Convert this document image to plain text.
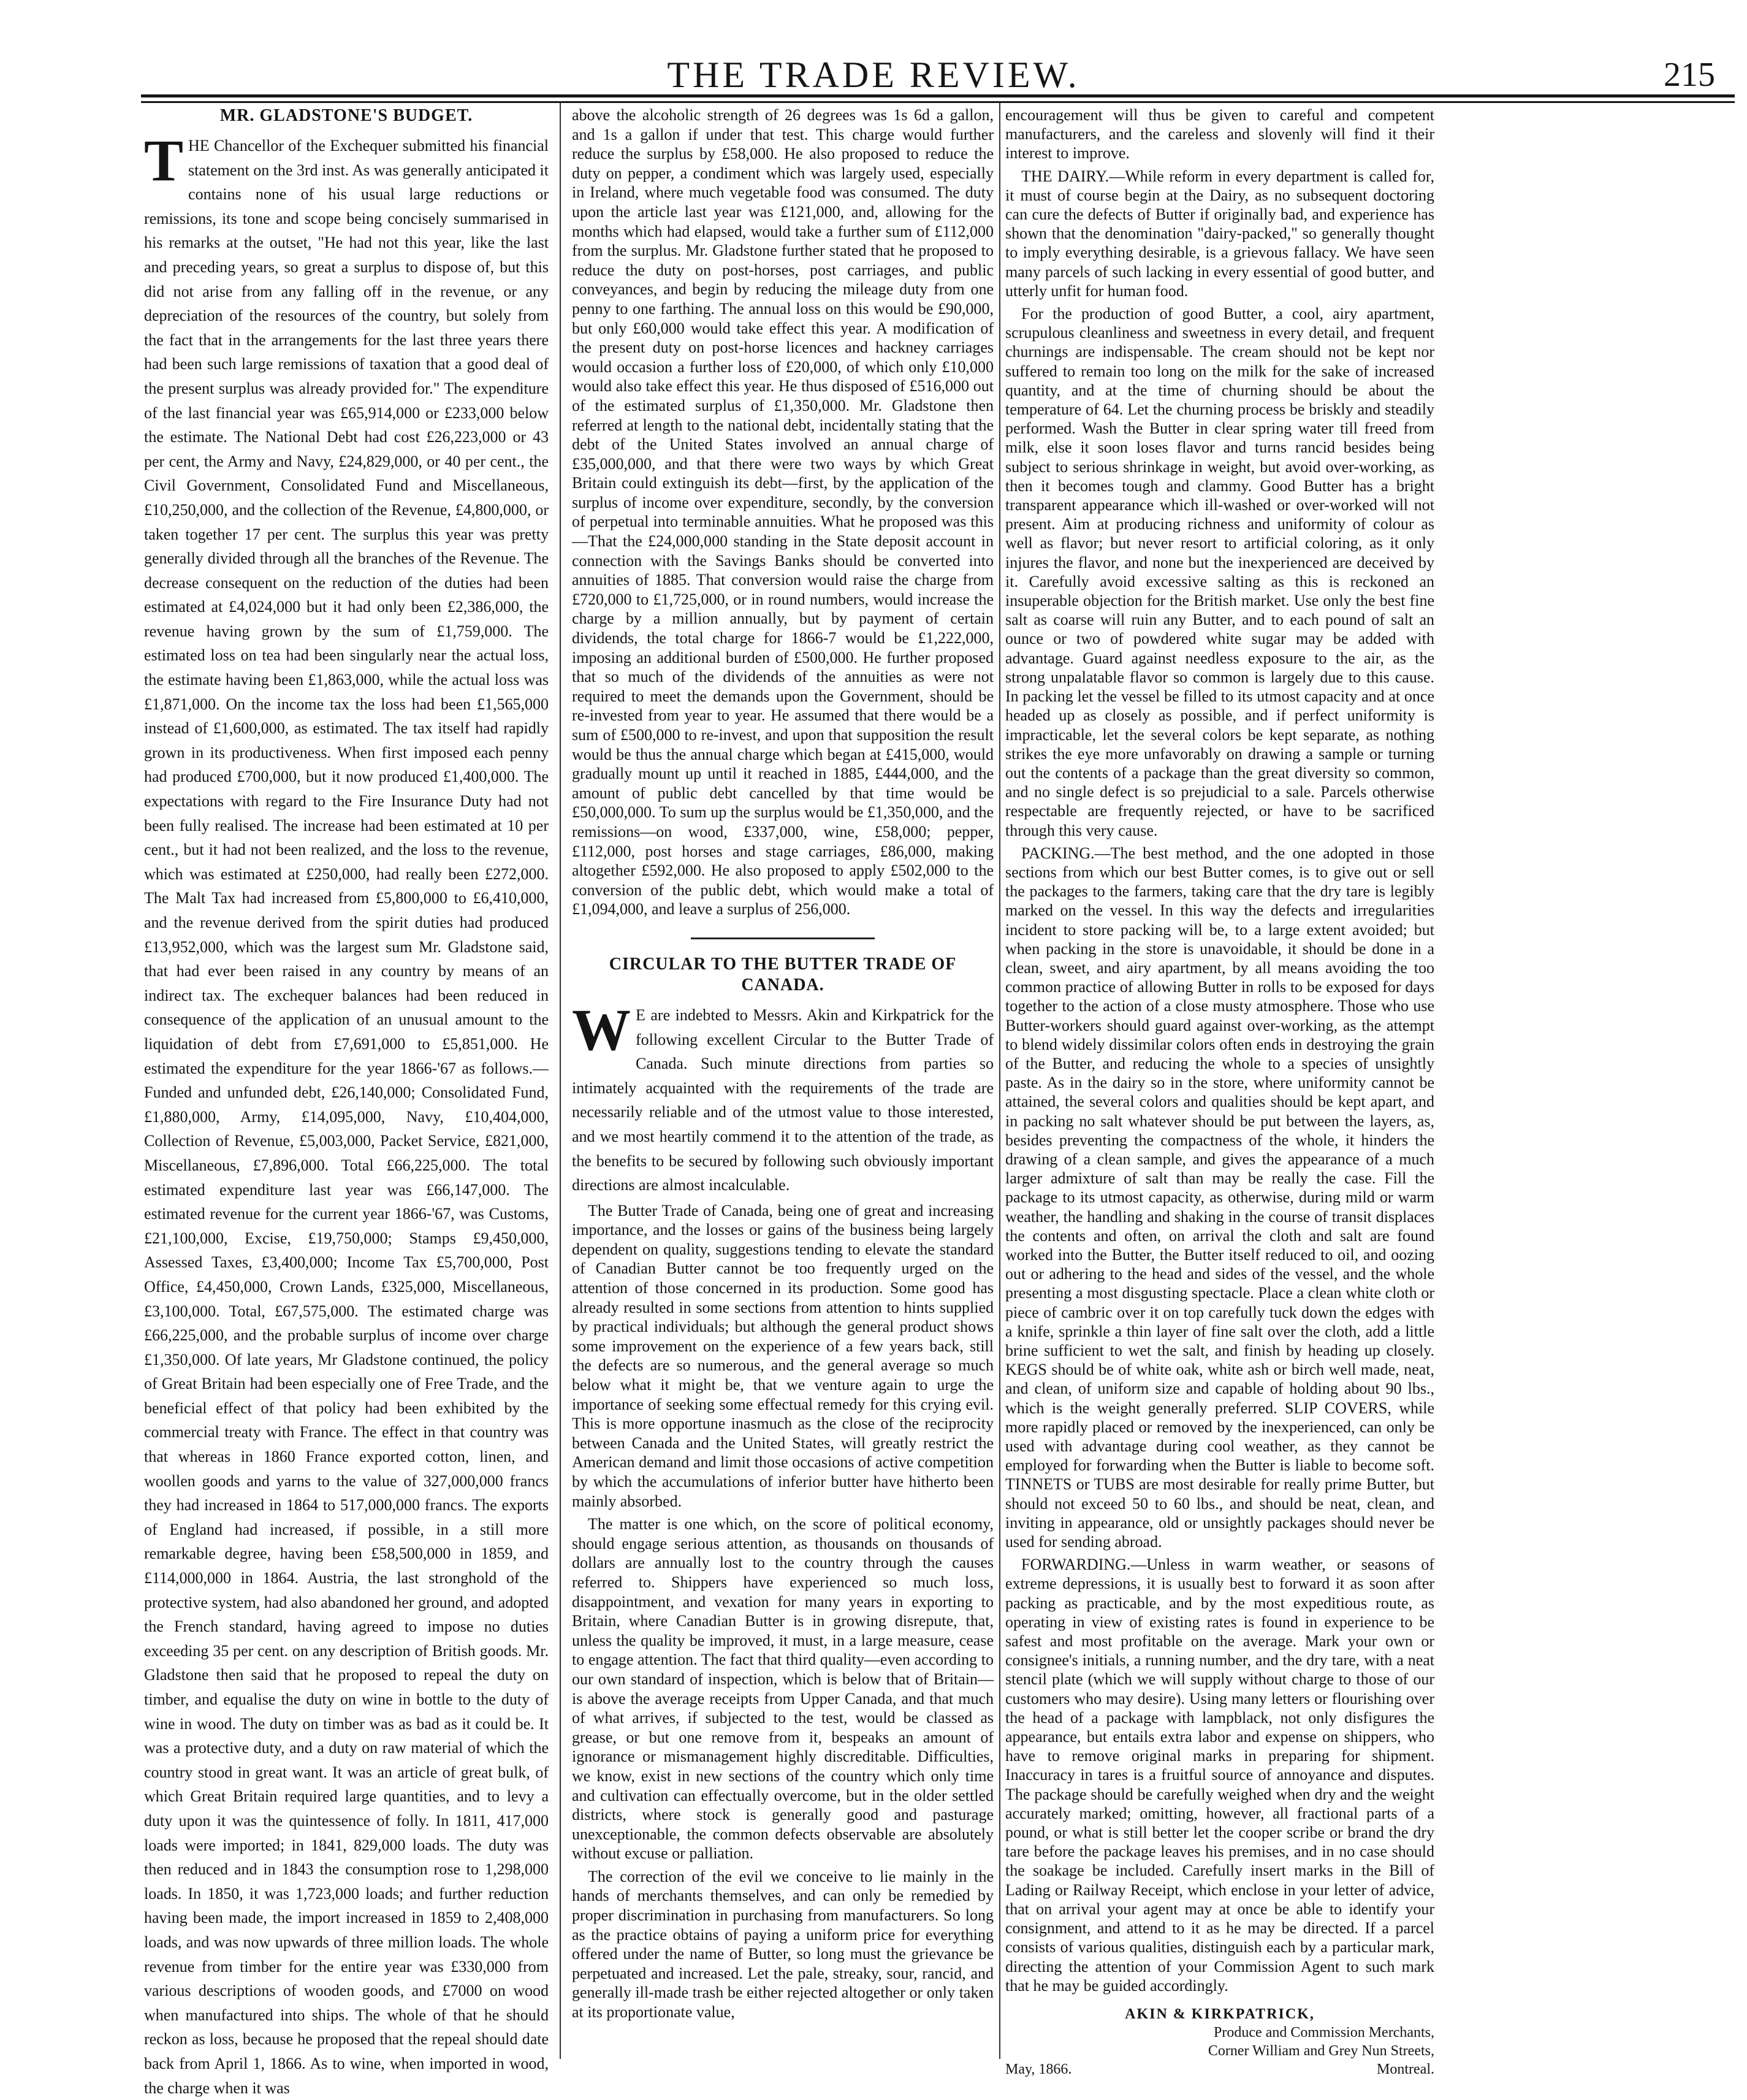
THE TRADE REVIEW.	215
MR. GLADSTONE'S BUDGET.

THE Chancellor of the Exchequer submitted his financial statement on the 3rd inst. As was generally anticipated it contains none of his usual large reductions or remissions, its tone and scope being concisely summarised in his remarks at the outset, "He had not this year, like the last and preceding years, so great a surplus to dispose of, but this did not arise from any falling off in the revenue, or any depreciation of the resources of the country, but solely from the fact that in the arrangements for the last three years there had been such large remissions of taxation that a good deal of the present surplus was already provided for." The expenditure of the last financial year was £65,914,000 or £233,000 below the estimate. The National Debt had cost £26,223,000 or 43 per cent, the Army and Navy, £24,829,000, or 40 per cent., the Civil Government, Consolidated Fund and Miscellaneous, £10,250,000, and the collection of the Revenue, £4,800,000, or taken together 17 per cent. The surplus this year was pretty generally divided through all the branches of the Revenue. The decrease consequent on the reduction of the duties had been estimated at £4,024,000 but it had only been £2,386,000, the revenue having grown by the sum of £1,759,000. The estimated loss on tea had been singularly near the actual loss, the estimate having been £1,863,000, while the actual loss was £1,871,000. On the income tax the loss had been £1,565,000 instead of £1,600,000, as estimated. The tax itself had rapidly grown in its productiveness. When first imposed each penny had produced £700,000, but it now produced £1,400,000. The expectations with regard to the Fire Insurance Duty had not been fully realised. The increase had been estimated at 10 per cent., but it had not been realized, and the loss to the revenue, which was estimated at £250,000, had really been £272,000. The Malt Tax had increased from £5,800,000 to £6,410,000, and the revenue derived from the spirit duties had produced £13,952,000, which was the largest sum Mr. Gladstone said, that had ever been raised in any country by means of an indirect tax. The exchequer balances had been reduced in consequence of the application of an unusual amount to the liquidation of debt from £7,691,000 to £5,851,000. He estimated the expenditure for the year 1866-'67 as follows.—Funded and unfunded debt, £26,140,000; Consolidated Fund, £1,880,000, Army, £14,095,000, Navy, £10,404,000, Collection of Revenue, £5,003,000, Packet Service, £821,000, Miscellaneous, £7,896,000. Total £66,225,000. The total estimated expenditure last year was £66,147,000. The estimated revenue for the current year 1866-'67, was Customs, £21,100,000, Excise, £19,750,000; Stamps £9,450,000, Assessed Taxes, £3,400,000; Income Tax £5,700,000, Post Office, £4,450,000, Crown Lands, £325,000, Miscellaneous, £3,100,000. Total, £67,575,000. The estimated charge was £66,225,000, and the probable surplus of income over charge £1,350,000. Of late years, Mr Gladstone continued, the policy of Great Britain had been especially one of Free Trade, and the beneficial effect of that policy had been exhibited by the commercial treaty with France. The effect in that country was that whereas in 1860 France exported cotton, linen, and woollen goods and yarns to the value of 327,000,000 francs they had increased in 1864 to 517,000,000 francs. The exports of England had increased, if possible, in a still more remarkable degree, having been £58,500,000 in 1859, and £114,000,000 in 1864. Austria, the last stronghold of the protective system, had also abandoned her ground, and adopted the French standard, having agreed to impose no duties exceeding 35 per cent. on any description of British goods. Mr. Gladstone then said that he proposed to repeal the duty on timber, and equalise the duty on wine in bottle to the duty of wine in wood. The duty on timber was as bad as it could be. It was a protective duty, and a duty on raw material of which the country stood in great want. It was an article of great bulk, of which Great Britain required large quantities, and to levy a duty upon it was the quintessence of folly. In 1811, 417,000 loads were imported; in 1841, 829,000 loads. The duty was then reduced and in 1843 the consumption rose to 1,298,000 loads. In 1850, it was 1,723,000 loads; and further reduction having been made, the import increased in 1859 to 2,408,000 loads, and was now upwards of three million loads. The whole revenue from timber for the entire year was £330,000 from various descriptions of wooden goods, and £7000 on wood when manufactured into ships. The whole of that he should reckon as loss, because he proposed that the repeal should date back from April 1, 1866. As to wine, when imported in wood, the charge when it was

above the alcoholic strength of 26 degrees was 1s 6d a gallon, and 1s a gallon if under that test. This charge would further reduce the surplus by £58,000. He also proposed to reduce the duty on pepper, a condiment which was largely used, especially in Ireland, where much vegetable food was consumed. The duty upon the article last year was £121,000, and, allowing for the months which had elapsed, would take a further sum of £112,000 from the surplus. Mr. Gladstone further stated that he proposed to reduce the duty on post-horses, post carriages, and public conveyances, and begin by reducing the mileage duty from one penny to one farthing. The annual loss on this would be £90,000, but only £60,000 would take effect this year. A modification of the present duty on post-horse licences and hackney carriages would occasion a further loss of £20,000, of which only £10,000 would also take effect this year. He thus disposed of £516,000 out of the estimated surplus of £1,350,000. Mr. Gladstone then referred at length to the national debt, incidentally stating that the debt of the United States involved an annual charge of £35,000,000, and that there were two ways by which Great Britain could extinguish its debt—first, by the application of the surplus of income over expenditure, secondly, by the conversion of perpetual into terminable annuities. What he proposed was this—That the £24,000,000 standing in the State deposit account in connection with the Savings Banks should be converted into annuities of 1885. That conversion would raise the charge from £720,000 to £1,725,000, or in round numbers, would increase the charge by a million annually, but by payment of certain dividends, the total charge for 1866-7 would be £1,222,000, imposing an additional burden of £500,000. He further proposed that so much of the dividends of the annuities as were not required to meet the demands upon the Government, should be re-invested from year to year. He assumed that there would be a sum of £500,000 to re-invest, and upon that supposition the result would be thus the annual charge which began at £415,000, would gradually mount up until it reached in 1885, £444,000, and the amount of public debt cancelled by that time would be £50,000,000. To sum up the surplus would be £1,350,000, and the remissions—on wood, £337,000, wine, £58,000; pepper, £112,000, post horses and stage carriages, £86,000, making altogether £592,000. He also proposed to apply £502,000 to the conversion of the public debt, which would make a total of £1,094,000, and leave a surplus of 256,000.

CIRCULAR TO THE BUTTER TRADE OF CANADA.

W E are indebted to Messrs. Akin and Kirkpatrick for the following excellent Circular to the Butter Trade of Canada. Such minute directions from parties so intimately acquainted with the requirements of the trade are necessarily reliable and of the utmost value to those interested, and we most heartily commend it to the attention of the trade, as the benefits to be secured by following such obviously important directions are almost incalculable.

The Butter Trade of Canada, being one of great and increasing importance, and the losses or gains of the business being largely dependent on quality, suggestions tending to elevate the standard of Canadian Butter cannot be too frequently urged on the attention of those concerned in its production. Some good has already resulted in some sections from attention to hints supplied by practical individuals; but although the general product shows some improvement on the experience of a few years back, still the defects are so numerous, and the general average so much below what it might be, that we venture again to urge the importance of seeking some effectual remedy for this crying evil. This is more opportune inasmuch as the close of the reciprocity between Canada and the United States, will greatly restrict the American demand and limit those occasions of active competition by which the accumulations of inferior butter have hitherto been mainly absorbed.

The matter is one which, on the score of political economy, should engage serious attention, as thousands on thousands of dollars are annually lost to the country through the causes referred to. Shippers have experienced so much loss, disappointment, and vexation for many years in exporting to Britain, where Canadian Butter is in growing disrepute, that, unless the quality be improved, it must, in a large measure, cease to engage attention. The fact that third quality—even according to our own standard of inspection, which is below that of Britain—is above the average receipts from Upper Canada, and that much of what arrives, if subjected to the test, would be classed as grease, or but one remove from it, bespeaks an amount of ignorance or mismanagement highly discreditable. Difficulties, we know, exist in new sections of the country which only time and cultivation can effectually overcome, but in the older settled districts, where stock is generally good and pasturage unexceptionable, the common defects observable are absolutely without excuse or palliation.

The correction of the evil we conceive to lie mainly in the hands of merchants themselves, and can only be remedied by proper discrimination in purchasing from manufacturers. So long as the practice obtains of paying a uniform price for everything offered under the name of Butter, so long must the grievance be perpetuated and increased. Let the pale, streaky, sour, rancid, and generally ill-made trash be either rejected altogether or only taken at its proportionate value,

encouragement will thus be given to careful and competent manufacturers, and the careless and slovenly will find it their interest to improve.

THE DAIRY.—While reform in every department is called for, it must of course begin at the Dairy, as no subsequent doctoring can cure the defects of Butter if originally bad, and experience has shown that the denomination "dairy-packed," so generally thought to imply everything desirable, is a grievous fallacy. We have seen many parcels of such lacking in every essential of good butter, and utterly unfit for human food.

For the production of good Butter, a cool, airy apartment, scrupulous cleanliness and sweetness in every detail, and frequent churnings are indispensable. The cream should not be kept nor suffered to remain too long on the milk for the sake of increased quantity, and at the time of churning should be about the temperature of 64. Let the churning process be briskly and steadily performed. Wash the Butter in clear spring water till freed from milk, else it soon loses flavor and turns rancid besides being subject to serious shrinkage in weight, but avoid over-working, as then it becomes tough and clammy. Good Butter has a bright transparent appearance which ill-washed or over-worked will not present. Aim at producing richness and uniformity of colour as well as flavor; but never resort to artificial coloring, as it only injures the flavor, and none but the inexperienced are deceived by it. Carefully avoid excessive salting as this is reckoned an insuperable objection for the British market. Use only the best fine salt as coarse will ruin any Butter, and to each pound of salt an ounce or two of powdered white sugar may be added with advantage. Guard against needless exposure to the air, as the strong unpalatable flavor so common is largely due to this cause. In packing let the vessel be filled to its utmost capacity and at once headed up as closely as possible, and if perfect uniformity is impracticable, let the several colors be kept separate, as nothing strikes the eye more unfavorably on drawing a sample or turning out the contents of a package than the great diversity so common, and no single defect is so prejudicial to a sale. Parcels otherwise respectable are frequently rejected, or have to be sacrificed through this very cause.

PACKING.—The best method, and the one adopted in those sections from which our best Butter comes, is to give out or sell the packages to the farmers, taking care that the dry tare is legibly marked on the vessel. In this way the defects and irregularities incident to store packing will be, to a large extent avoided; but when packing in the store is unavoidable, it should be done in a clean, sweet, and airy apartment, by all means avoiding the too common practice of allowing Butter in rolls to be exposed for days together to the action of a close musty atmosphere. Those who use Butter-workers should guard against over-working, as the attempt to blend widely dissimilar colors often ends in destroying the grain of the Butter, and reducing the whole to a species of unsightly paste. As in the dairy so in the store, where uniformity cannot be attained, the several colors and qualities should be kept apart, and in packing no salt whatever should be put between the layers, as, besides preventing the compactness of the whole, it hinders the drawing of a clean sample, and gives the appearance of a much larger admixture of salt than may be really the case. Fill the package to its utmost capacity, as otherwise, during mild or warm weather, the handling and shaking in the course of transit displaces the contents and often, on arrival the cloth and salt are found worked into the Butter, the Butter itself reduced to oil, and oozing out or adhering to the head and sides of the vessel, and the whole presenting a most disgusting spectacle. Place a clean white cloth or piece of cambric over it on top carefully tuck down the edges with a knife, sprinkle a thin layer of fine salt over the cloth, add a little brine sufficient to wet the salt, and finish by heading up closely. KEGS should be of white oak, white ash or birch well made, neat, and clean, of uniform size and capable of holding about 90 lbs., which is the weight generally preferred. SLIP COVERS, while more rapidly placed or removed by the inexperienced, can only be used with advantage during cool weather, as they cannot be employed for forwarding when the Butter is liable to become soft. TINNETS or TUBS are most desirable for really prime Butter, but should not exceed 50 to 60 lbs., and should be neat, clean, and inviting in appearance, old or unsightly packages should never be used for sending abroad.

FORWARDING.—Unless in warm weather, or seasons of extreme depressions, it is usually best to forward it as soon after packing as practicable, and by the most expeditious route, as operating in view of existing rates is found in experience to be safest and most profitable on the average. Mark your own or consignee's initials, a running number, and the dry tare, with a neat stencil plate (which we will supply without charge to those of our customers who may desire). Using many letters or flourishing over the head of a package with lampblack, not only disfigures the appearance, but entails extra labor and expense on shippers, who have to remove original marks in preparing for shipment. Inaccuracy in tares is a fruitful source of annoyance and disputes. The package should be carefully weighed when dry and the weight accurately marked; omitting, however, all fractional parts of a pound, or what is still better let the cooper scribe or brand the dry tare before the package leaves his premises, and in no case should the soakage be included. Carefully insert marks in the Bill of Lading or Railway Receipt, which enclose in your letter of advice, that on arrival your agent may at once be able to identify your consignment, and attend to it as he may be directed. If a parcel consists of various qualities, distinguish each by a particular mark, directing the attention of your Commission Agent to such mark that he may be guided accordingly.

AKIN & KIRKPATRICK,
Produce and Commission Merchants,
Corner William and Grey Nun Streets,
May, 1866.	Montreal.
